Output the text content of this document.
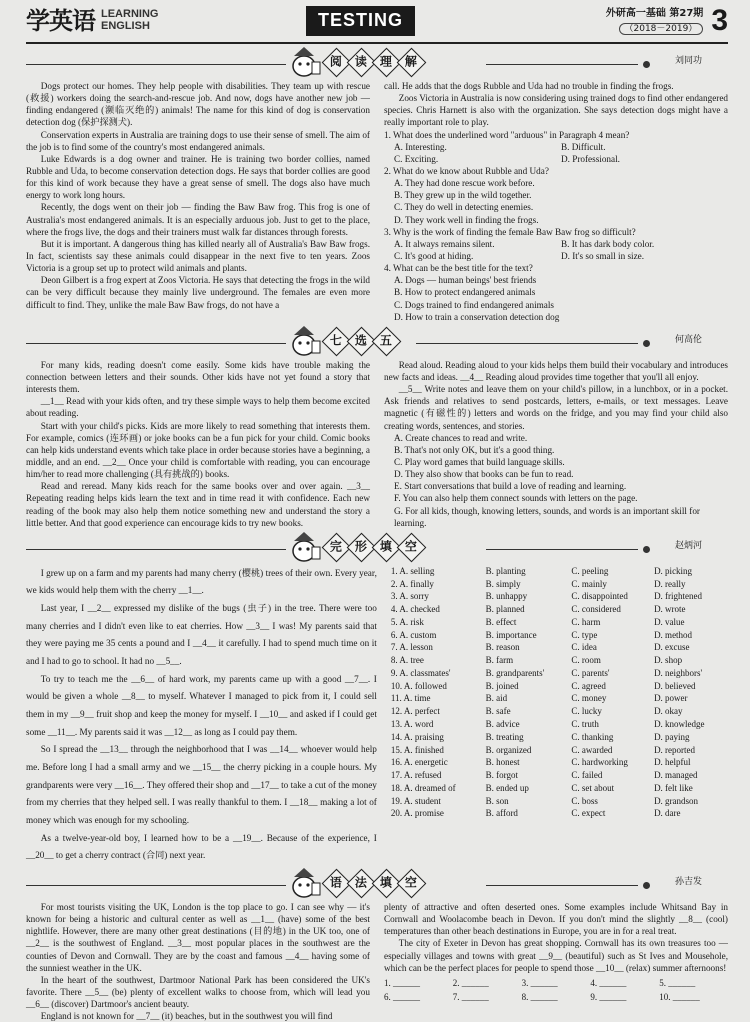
学英语 LEARNING
ENGLISH	TESTING	外研高一基础 第27期
（2018－2019） 3
阅 读 理 解	刘同功

Dogs protect our homes. They help people with disabilities. They team up with rescue (救援) workers doing the search-and-rescue job. And now, dogs have another new job — finding endangered (濒临灭绝的) animals! The name for this kind of dog is conservation detection dog (保护探测犬).

Conservation experts in Australia are training dogs to use their sense of smell. The aim of the job is to find some of the country's most endangered animals.

Luke Edwards is a dog owner and trainer. He is training two border collies, named Rubble and Uda, to become conservation detection dogs. He says that border collies are good for this kind of work because they have a great sense of smell. The dogs also have much energy to work long hours.

Recently, the dogs went on their job — finding the Baw Baw frog. This frog is one of Australia's most endangered animals. It is an especially arduous job. Just to get to the place, where the frogs live, the dogs and their trainers must walk far distances through forests.

But it is important. A dangerous thing has killed nearly all of Australia's Baw Baw frogs. In fact, scientists say these animals could disappear in the next five to ten years. Zoos Victoria is a group set up to protect wild animals and plants.

Deon Gilbert is a frog expert at Zoos Victoria. He says that detecting the frogs in the wild can be very difficult because they mainly live underground. The females are even more difficult to find. They, unlike the male Baw Baw frogs, do not have a

call. He adds that the dogs Rubble and Uda had no trouble in finding the frogs.

Zoos Victoria in Australia is now considering using trained dogs to find other endangered species. Chris Harnett is also with the organization. She says detection dogs might have a really important role to play.

1. What does the underlined word "arduous" in Paragraph 4 mean?
A. Interesting.	B. Difficult.
C. Exciting.	D. Professional.
2. What do we know about Rubble and Uda?
A. They had done rescue work before.
B. They grew up in the wild together.
C. They do well in detecting enemies.
D. They work well in finding the frogs.
3. Why is the work of finding the female Baw Baw frog so difficult?
A. It always remains silent.	B. It has dark body color.
C. It's good at hiding.	D. It's so small in size.
4. What can be the best title for the text?
A. Dogs — human beings' best friends
B. How to protect endangered animals
C. Dogs trained to find endangered animals
D. How to train a conservation detection dog
七 选 五	何高伦

For many kids, reading doesn't come easily. Some kids have trouble making the connection between letters and their sounds. Other kids have not yet found a story that interests them.

__1__ Read with your kids often, and try these simple ways to help them become excited about reading.

Start with your child's picks. Kids are more likely to read something that interests them. For example, comics (连环画) or joke books can be a fun pick for your child. Comic books can help kids understand events which take place in order because stories have a beginning, a middle, and an end. __2__ Once your child is comfortable with reading, you can encourage him/her to read more challenging (具有挑战的) books.

Read and reread. Many kids reach for the same books over and over again. __3__ Repeating reading helps kids learn the text and in time read it with confidence. Each new reading of the book may also help them notice something new and understand the story a little better. And that good experience can encourage kids to try new books.

Read aloud. Reading aloud to your kids helps them build their vocabulary and introduces new facts and ideas. __4__ Reading aloud provides time together that you'll all enjoy.

__5__ Write notes and leave them on your child's pillow, in a lunchbox, or in a pocket. Ask friends and relatives to send postcards, letters, e-mails, or text messages. Leave magnetic (有磁性的) letters and words on the fridge, and you may find your child also creating words, sentences, and stories.

A. Create chances to read and write.
B. That's not only OK, but it's a good thing.
C. Play word games that build language skills.
D. They also show that books can be fun to read.
E. Start conversations that build a love of reading and learning.
F. You can also help them connect sounds with letters on the page.
G. For all kids, though, knowing letters, sounds, and words is an important skill for learning.
完 形 填 空	赵炳河

I grew up on a farm and my parents had many cherry (樱桃) trees of their own. Every year, we kids would help them with the cherry __1__.

Last year, I __2__ expressed my dislike of the bugs (虫子) in the tree. There were too many cherries and I didn't even like to eat cherries. How __3__ I was! My parents said that they were paying me 35 cents a pound and I __4__ it carefully. I had to spend much time on it and I had to go to school. It had no __5__.

To try to teach me the __6__ of hard work, my parents came up with a good __7__. I would be given a whole __8__ to myself. Whatever I managed to pick from it, I could sell them in my __9__ fruit shop and keep the money for myself. I __10__ and asked if I could get some __11__. My parents said it was __12__ as long as I could pay them.

So I spread the __13__ through the neighborhood that I was __14__ whoever would help me. Before long I had a small army and we __15__ the cherry picking in a couple hours. My grandparents were very __16__. They offered their shop and __17__ to take a cut of the money from my cherries that they helped sell. I was really thankful to them. I __18__ making a lot of money which was enough for my schooling.

As a twelve-year-old boy, I learned how to be a __19__. Because of the experience, I __20__ to get a cherry contract (合同) next year.

1. A. selling	B. planting	C. peeling	D. picking
2. A. finally	B. simply	C. mainly	D. really
3. A. sorry	B. unhappy	C. disappointed	D. frightened
4. A. checked	B. planned	C. considered	D. wrote
5. A. risk	B. effect	C. harm	D. value
6. A. custom	B. importance	C. type	D. method
7. A. lesson	B. reason	C. idea	D. excuse
8. A. tree	B. farm	C. room	D. shop
9. A. classmates'	B. grandparents'	C. parents'	D. neighbors'
10. A. followed	B. joined	C. agreed	D. believed
11. A. time	B. aid	C. money	D. power
12. A. perfect	B. safe	C. lucky	D. okay
13. A. word	B. advice	C. truth	D. knowledge
14. A. praising	B. treating	C. thanking	D. paying
15. A. finished	B. organized	C. awarded	D. reported
16. A. energetic	B. honest	C. hardworking	D. helpful
17. A. refused	B. forgot	C. failed	D. managed
18. A. dreamed of	B. ended up	C. set about	D. felt like
19. A. student	B. son	C. boss	D. grandson
20. A. promise	B. afford	C. expect	D. dare
语 法 填 空	孙吉发

For most tourists visiting the UK, London is the top place to go. I can see why — it's known for being a historic and cultural center as well as __1__ (have) some of the best nightlife. However, there are many other great destinations (目的地) in the UK too, one of __2__ is the southwest of England. __3__ most popular places in the southwest are the counties of Devon and Cornwall. They are by the coast and famous __4__ having some of the sunniest weather in the UK.

In the heart of the southwest, Dartmoor National Park has been considered the UK's favorite. There __5__ (be) plenty of excellent walks to choose from, which will lead you __6__ (discover) Dartmoor's ancient beauty.

England is not known for __7__ (it) beaches, but in the southwest you will find

plenty of attractive and often deserted ones. Some examples include Whitsand Bay in Cornwall and Woolacombe beach in Devon. If you don't mind the slightly __8__ (cool) temperatures than other beach destinations in Europe, you are in for a real treat.

The city of Exeter in Devon has great shopping. Cornwall has its own treasures too — especially villages and towns with great __9__ (beautiful) such as St Ives and Mousehole, which can be the perfect places for people to spend those __10__ (relax) summer afternoons!

1. ______	2. ______	3. ______	4. ______	5. ______
6. ______	7. ______	8. ______	9. ______	10. ______
